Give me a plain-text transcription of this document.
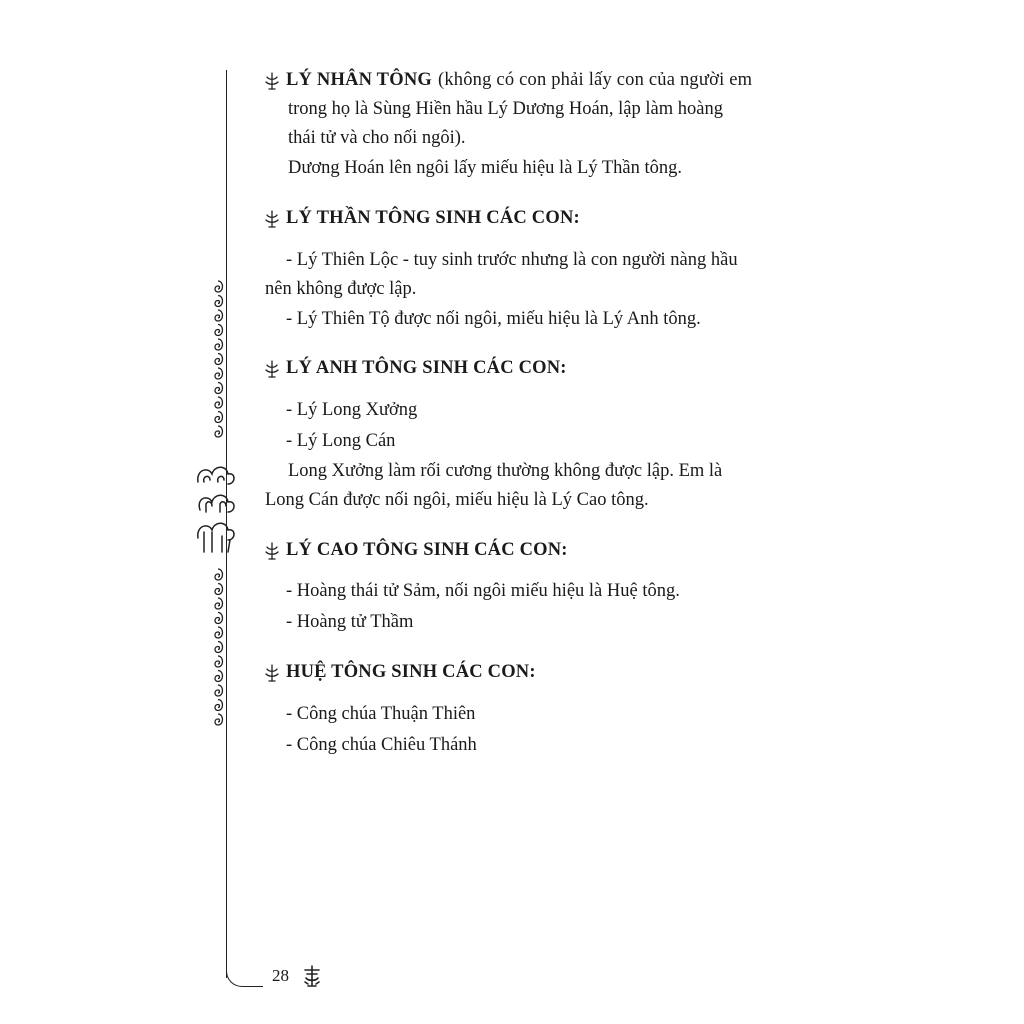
LÝ NHÂN TÔNG (không có con phải lấy con của người em
trong họ là Sùng Hiền hầu Lý Dương Hoán, lập làm hoàng
thái tử và cho nối ngôi).
Dương Hoán lên ngôi lấy miếu hiệu là Lý Thần tông.
LÝ THẦN TÔNG SINH CÁC CON:
- Lý Thiên Lộc - tuy sinh trước nhưng là con người nàng hầu
nên không được lập.
- Lý Thiên Tộ được nối ngôi, miếu hiệu là Lý Anh tông.
LÝ ANH TÔNG SINH CÁC CON:
- Lý Long Xưởng
- Lý Long Cán
Long Xưởng làm rối cương thường không được lập. Em là
Long Cán được nối ngôi, miếu hiệu là Lý Cao tông.
LÝ CAO TÔNG SINH CÁC CON:
- Hoàng thái tử Sảm, nối ngôi miếu hiệu là Huệ tông.
- Hoàng tử Thầm
HUỆ TÔNG SINH CÁC CON:
- Công chúa Thuận Thiên
- Công chúa Chiêu Thánh
28
